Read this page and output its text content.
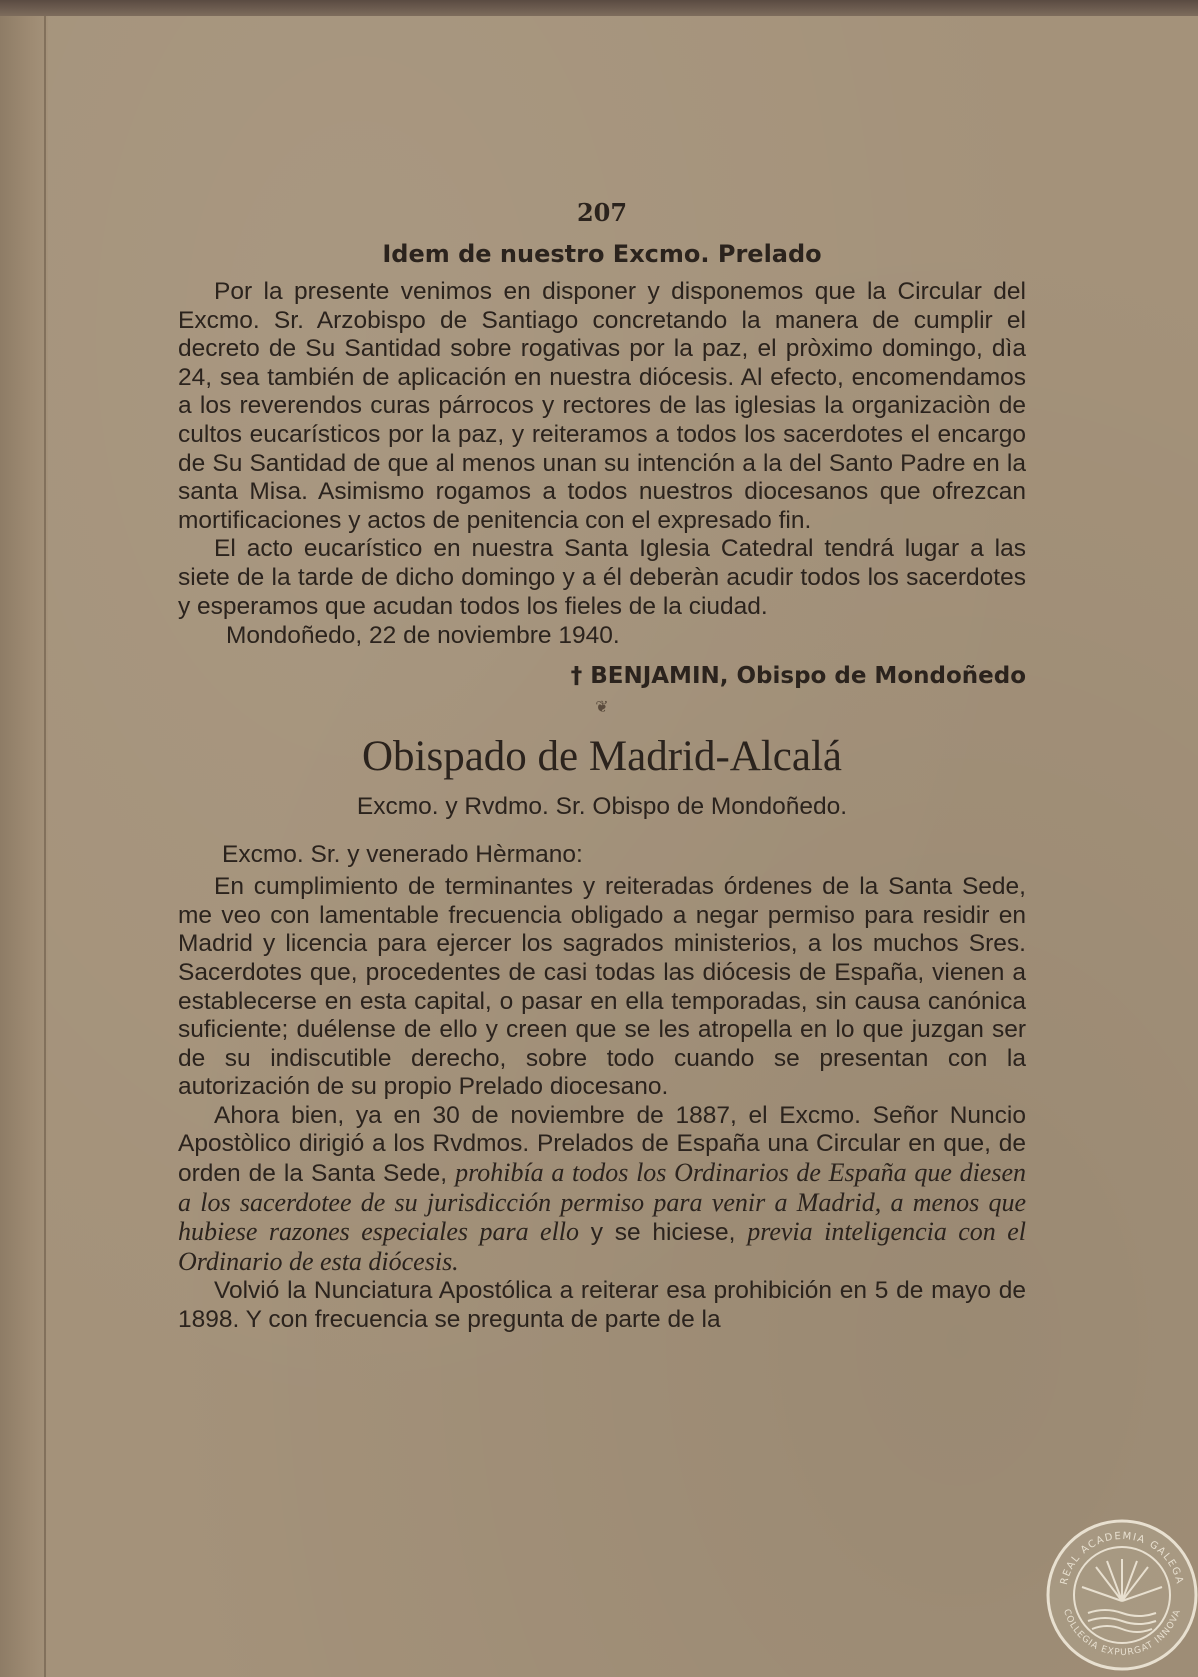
207

Idem de nuestro Excmo. Prelado

Por la presente venimos en disponer y disponemos que la Circular del Excmo. Sr. Arzobispo de Santiago concretando la manera de cumplir el decreto de Su Santidad sobre rogativas por la paz, el pròximo domingo, dìa 24, sea también de aplicación en nuestra diócesis. Al efecto, encomendamos a los reverendos curas párrocos y rectores de las iglesias la organizaciòn de cultos eucarísticos por la paz, y reiteramos a todos los sacerdotes el encargo de Su Santidad de que al menos unan su intención a la del Santo Padre en la santa Misa. Asimismo rogamos a todos nuestros diocesanos que ofrezcan mortificaciones y actos de penitencia con el expresado fin.

El acto eucarístico en nuestra Santa Iglesia Catedral tendrá lugar a las siete de la tarde de dicho domingo y a él deberàn acudir todos los sacerdotes y esperamos que acudan todos los fieles de la ciudad.

Mondoñedo, 22 de noviembre 1940.

† BENJAMIN, Obispo de Mondoñedo

❦
Obispado de Madrid-Alcalá

Excmo. y Rvdmo. Sr. Obispo de Mondoñedo.

Excmo. Sr. y venerado Hèrmano:

En cumplimiento de terminantes y reiteradas órdenes de la Santa Sede, me veo con lamentable frecuencia obligado a negar permiso para residir en Madrid y licencia para ejercer los sagrados ministerios, a los muchos Sres. Sacerdotes que, procedentes de casi todas las diócesis de España, vienen a establecerse en esta capital, o pasar en ella temporadas, sin causa canónica suficiente; duélense de ello y creen que se les atropella en lo que juzgan ser de su indiscutible derecho, sobre todo cuando se presentan con la autorización de su propio Prelado diocesano.

Ahora bien, ya en 30 de noviembre de 1887, el Excmo. Señor Nuncio Apostòlico dirigió a los Rvdmos. Prelados de España una Circular en que, de orden de la Santa Sede, prohibía a todos los Ordinarios de España que diesen a los sacerdotee de su jurisdicción permiso para venir a Madrid, a menos que hubiese razones especiales para ello y se hiciese, previa inteligencia con el Ordinario de esta diócesis.

Volvió la Nunciatura Apostólica a reiterar esa prohibición en 5 de mayo de 1898. Y con frecuencia se pregunta de parte de la

REAL ACADEMIA GALEGA
COLLEGIA EXPURGAT INNOVA
